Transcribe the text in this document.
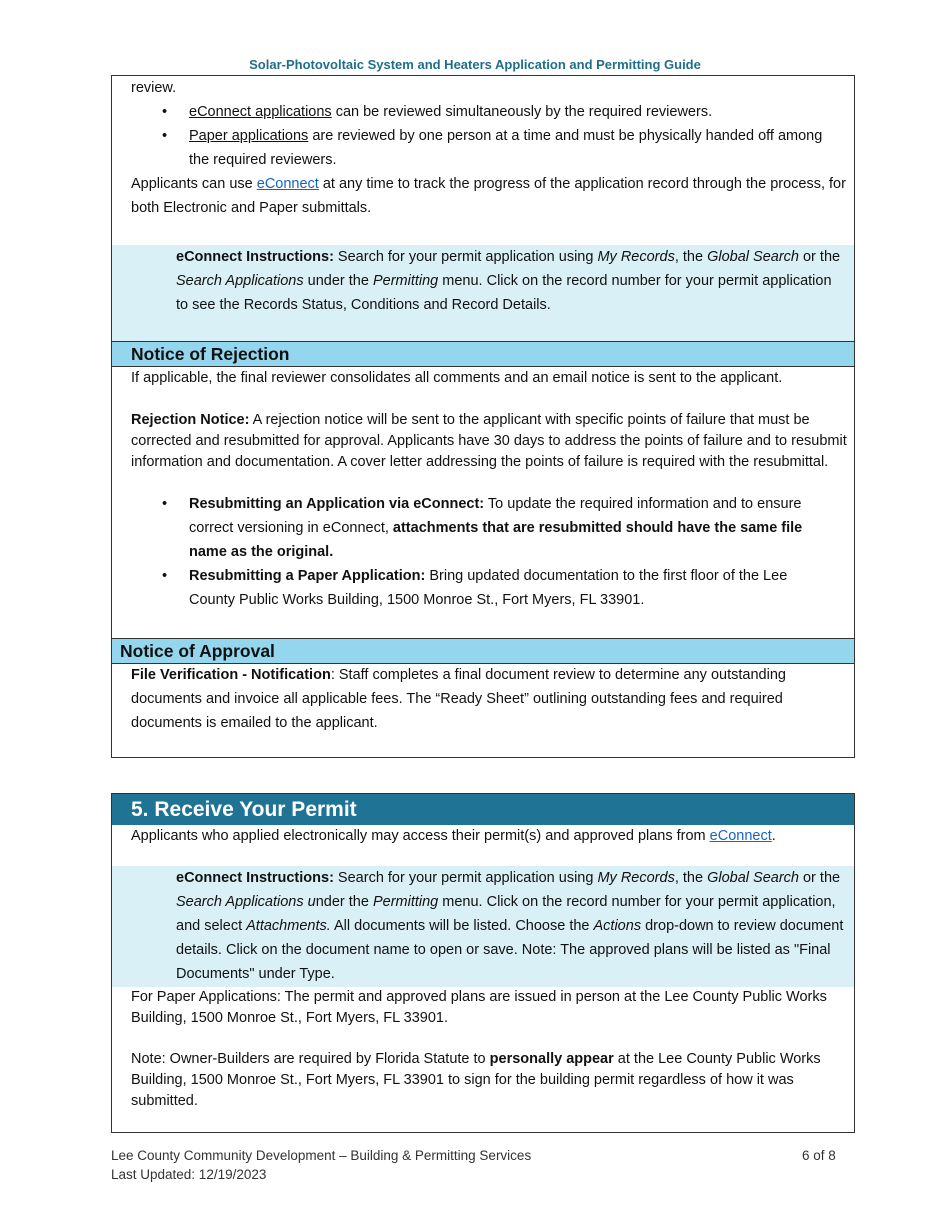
Solar-Photovoltaic System and Heaters Application and Permitting Guide

review.

• eConnect applications can be reviewed simultaneously by the required reviewers.
• Paper applications are reviewed by one person at a time and must be physically handed off among the required reviewers.

Applicants can use eConnect at any time to track the progress of the application record through the process, for both Electronic and Paper submittals.

eConnect Instructions: Search for your permit application using My Records, the Global Search or the Search Applications under the Permitting menu. Click on the record number for your permit application to see the Records Status, Conditions and Record Details.
Notice of Rejection

If applicable, the final reviewer consolidates all comments and an email notice is sent to the applicant.

Rejection Notice: A rejection notice will be sent to the applicant with specific points of failure that must be corrected and resubmitted for approval. Applicants have 30 days to address the points of failure and to resubmit information and documentation. A cover letter addressing the points of failure is required with the resubmittal.

• Resubmitting an Application via eConnect: To update the required information and to ensure correct versioning in eConnect, attachments that are resubmitted should have the same file name as the original.
• Resubmitting a Paper Application: Bring updated documentation to the first floor of the Lee County Public Works Building, 1500 Monroe St., Fort Myers, FL 33901.
Notice of Approval

File Verification - Notification: Staff completes a final document review to determine any outstanding documents and invoice all applicable fees. The “Ready Sheet” outlining outstanding fees and required documents is emailed to the applicant.

5. Receive Your Permit

Applicants who applied electronically may access their permit(s) and approved plans from eConnect.

eConnect Instructions: Search for your permit application using My Records, the Global Search or the Search Applications under the Permitting menu. Click on the record number for your permit application, and select Attachments. All documents will be listed. Choose the Actions drop-down to review document details. Click on the document name to open or save. Note: The approved plans will be listed as "Final Documents" under Type.

For Paper Applications: The permit and approved plans are issued in person at the Lee County Public Works Building, 1500 Monroe St., Fort Myers, FL 33901.

Note: Owner-Builders are required by Florida Statute to personally appear at the Lee County Public Works Building, 1500 Monroe St., Fort Myers, FL 33901 to sign for the building permit regardless of how it was submitted.

Lee County Community Development – Building & Permitting Services
Last Updated: 12/19/2023
6 of 8
